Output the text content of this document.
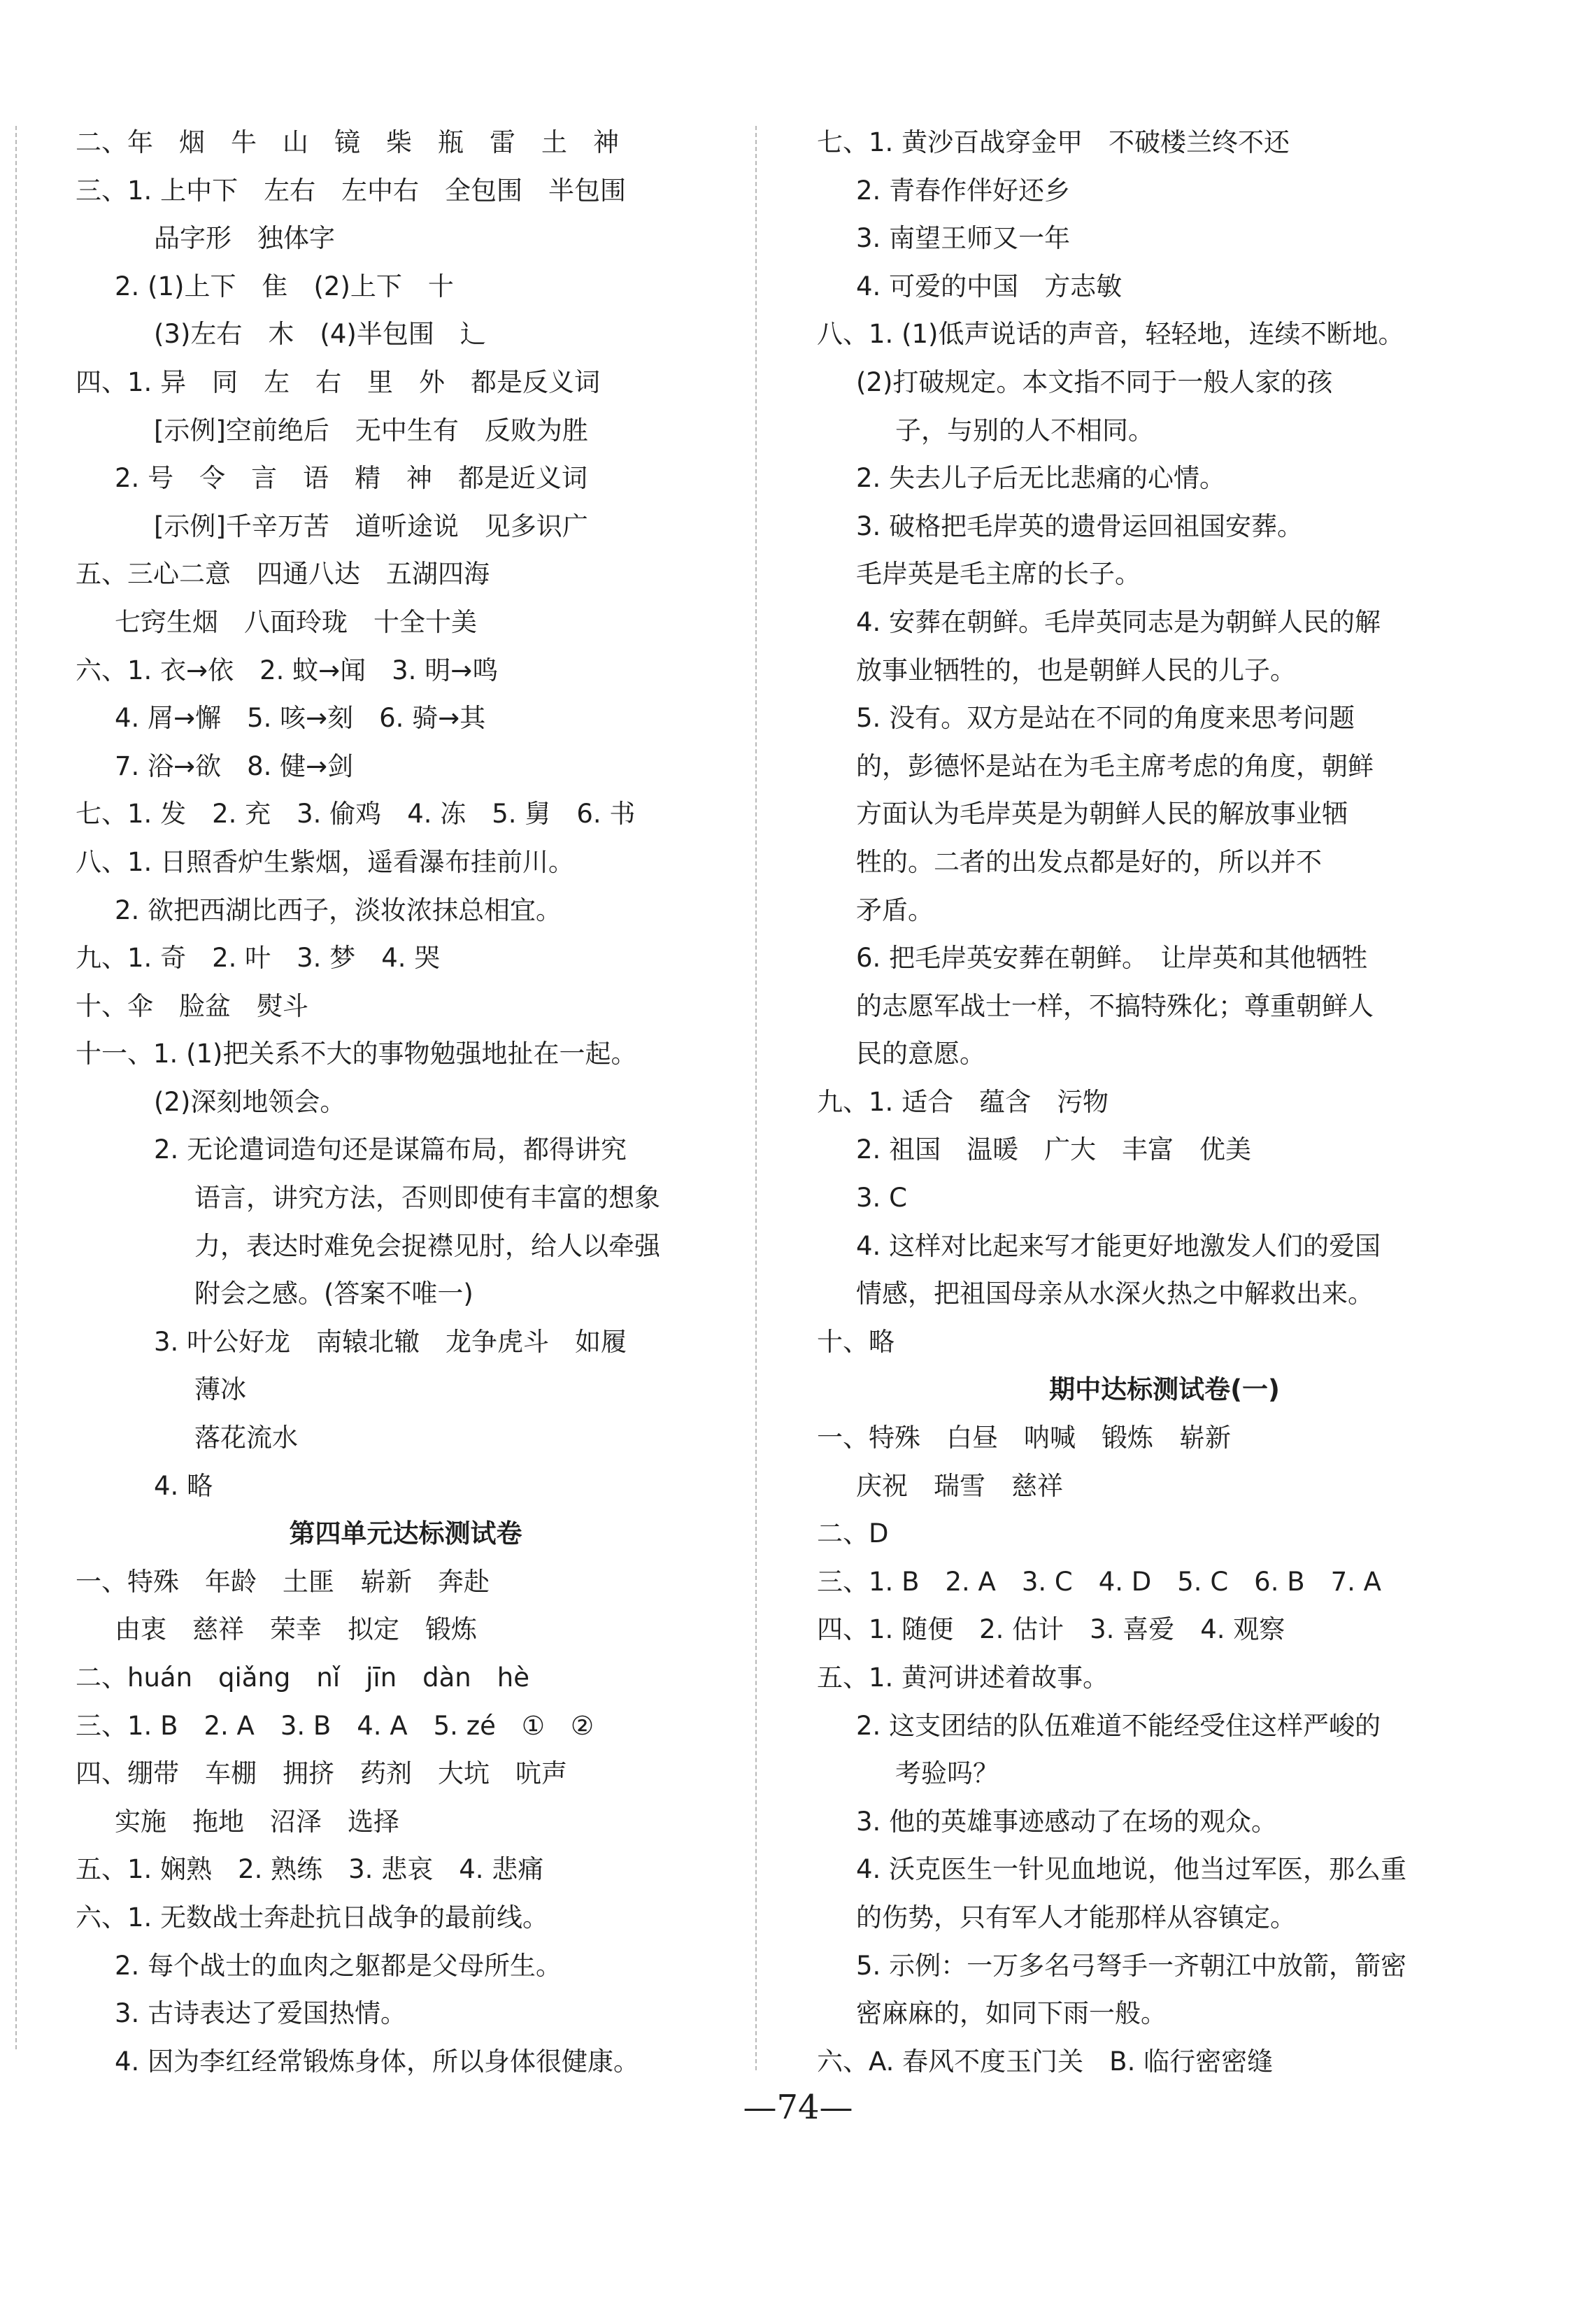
二、年　烟　牛　山　镜　柴　瓶　雷　土　神
三、1. 上中下　左右　左中右　全包围　半包围
品字形　独体字
2. (1)上下　隹　(2)上下　十
(3)左右　木　(4)半包围　辶
四、1. 异　同　左　右　里　外　都是反义词
[示例]空前绝后　无中生有　反败为胜
2. 号　令　言　语　精　神　都是近义词
[示例]千辛万苦　道听途说　见多识广
五、三心二意　四通八达　五湖四海
七窍生烟　八面玲珑　十全十美
六、1. 衣→依　2. 蚊→闻　3. 明→鸣
4. 屑→懈　5. 咳→刻　6. 骑→其
7. 浴→欲　8. 健→剑
七、1. 发　2. 充　3. 偷鸡　4. 冻　5. 舅　6. 书
八、1. 日照香炉生紫烟，遥看瀑布挂前川。
2. 欲把西湖比西子，淡妆浓抹总相宜。
九、1. 奇　2. 叶　3. 梦　4. 哭
十、伞　脸盆　熨斗
十一、1. (1)把关系不大的事物勉强地扯在一起。
(2)深刻地领会。
2. 无论遣词造句还是谋篇布局，都得讲究
语言，讲究方法，否则即使有丰富的想象
力，表达时难免会捉襟见肘，给人以牵强
附会之感。(答案不唯一)
3. 叶公好龙　南辕北辙　龙争虎斗　如履
薄冰
落花流水
4. 略
第四单元达标测试卷
一、特殊　年龄　土匪　崭新　奔赴
由衷　慈祥　荣幸　拟定　锻炼
二、huán　qiǎng　nǐ　jīn　dàn　hè
三、1. B　2. A　3. B　4. A　5. zé　①　②
四、绷带　车棚　拥挤　药剂　大坑　吭声
实施　拖地　沼泽　选择
五、1. 娴熟　2. 熟练　3. 悲哀　4. 悲痛
六、1. 无数战士奔赴抗日战争的最前线。
2. 每个战士的血肉之躯都是父母所生。
3. 古诗表达了爱国热情。
4. 因为李红经常锻炼身体，所以身体很健康。
七、1. 黄沙百战穿金甲　不破楼兰终不还
2. 青春作伴好还乡
3. 南望王师又一年
4. 可爱的中国　方志敏
八、1. (1)低声说话的声音，轻轻地，连续不断地。
(2)打破规定。本文指不同于一般人家的孩
子，与别的人不相同。
2. 失去儿子后无比悲痛的心情。
3. 破格把毛岸英的遗骨运回祖国安葬。
毛岸英是毛主席的长子。
4. 安葬在朝鲜。毛岸英同志是为朝鲜人民的解
放事业牺牲的，也是朝鲜人民的儿子。
5. 没有。双方是站在不同的角度来思考问题
的，彭德怀是站在为毛主席考虑的角度，朝鲜
方面认为毛岸英是为朝鲜人民的解放事业牺
牲的。二者的出发点都是好的，所以并不
矛盾。
6. 把毛岸英安葬在朝鲜。　让岸英和其他牺牲
的志愿军战士一样，不搞特殊化；尊重朝鲜人
民的意愿。
九、1. 适合　蕴含　污物
2. 祖国　温暖　广大　丰富　优美
3. C
4. 这样对比起来写才能更好地激发人们的爱国
情感，把祖国母亲从水深火热之中解救出来。
十、略
期中达标测试卷(一)
一、特殊　白昼　呐喊　锻炼　崭新
庆祝　瑞雪　慈祥
二、D
三、1. B　2. A　3. C　4. D　5. C　6. B　7. A
四、1. 随便　2. 估计　3. 喜爱　4. 观察
五、1. 黄河讲述着故事。
2. 这支团结的队伍难道不能经受住这样严峻的
考验吗？
3. 他的英雄事迹感动了在场的观众。
4. 沃克医生一针见血地说，他当过军医，那么重
的伤势，只有军人才能那样从容镇定。
5. 示例：一万多名弓弩手一齐朝江中放箭，箭密
密麻麻的，如同下雨一般。
六、A. 春风不度玉门关　B. 临行密密缝
—74—
